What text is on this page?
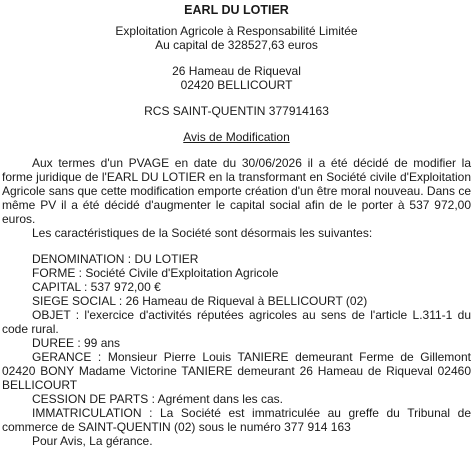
EARL DU LOTIER

Exploitation Agricole à Responsabilité Limitée

Au capital de 328527,63 euros

26 Hameau de Riqueval

02420 BELLICOURT

RCS SAINT-QUENTIN 377914163

Avis de Modification

Aux termes d'un PVAGE en date du 30/06/2026 il a été décidé de modifier la forme juridique de l'EARL DU LOTIER en la transformant en Société civile d'Exploitation Agricole sans que cette modification emporte création d'un être moral nouveau. Dans ce même PV il a été décidé d'augmenter le capital social afin de le porter à 537 972,00 euros.

Les caractéristiques de la Société sont désormais les suivantes:

DENOMINATION : DU LOTIER

FORME : Société Civile d'Exploitation Agricole

CAPITAL : 537 972,00 €

SIEGE SOCIAL : 26 Hameau de Riqueval à BELLICOURT (02)

OBJET : l'exercice d'activités réputées agricoles au sens de l'article L.311-1 du code rural.

DUREE : 99 ans

GERANCE : Monsieur Pierre Louis TANIERE demeurant Ferme de Gillemont 02420 BONY Madame Victorine TANIERE demeurant 26 Hameau de Riqueval 02460 BELLICOURT

CESSION DE PARTS : Agrément dans les cas.

IMMATRICULATION : La Société est immatriculée au greffe du Tribunal de commerce de SAINT-QUENTIN (02) sous le numéro 377 914 163

Pour Avis, La gérance.
